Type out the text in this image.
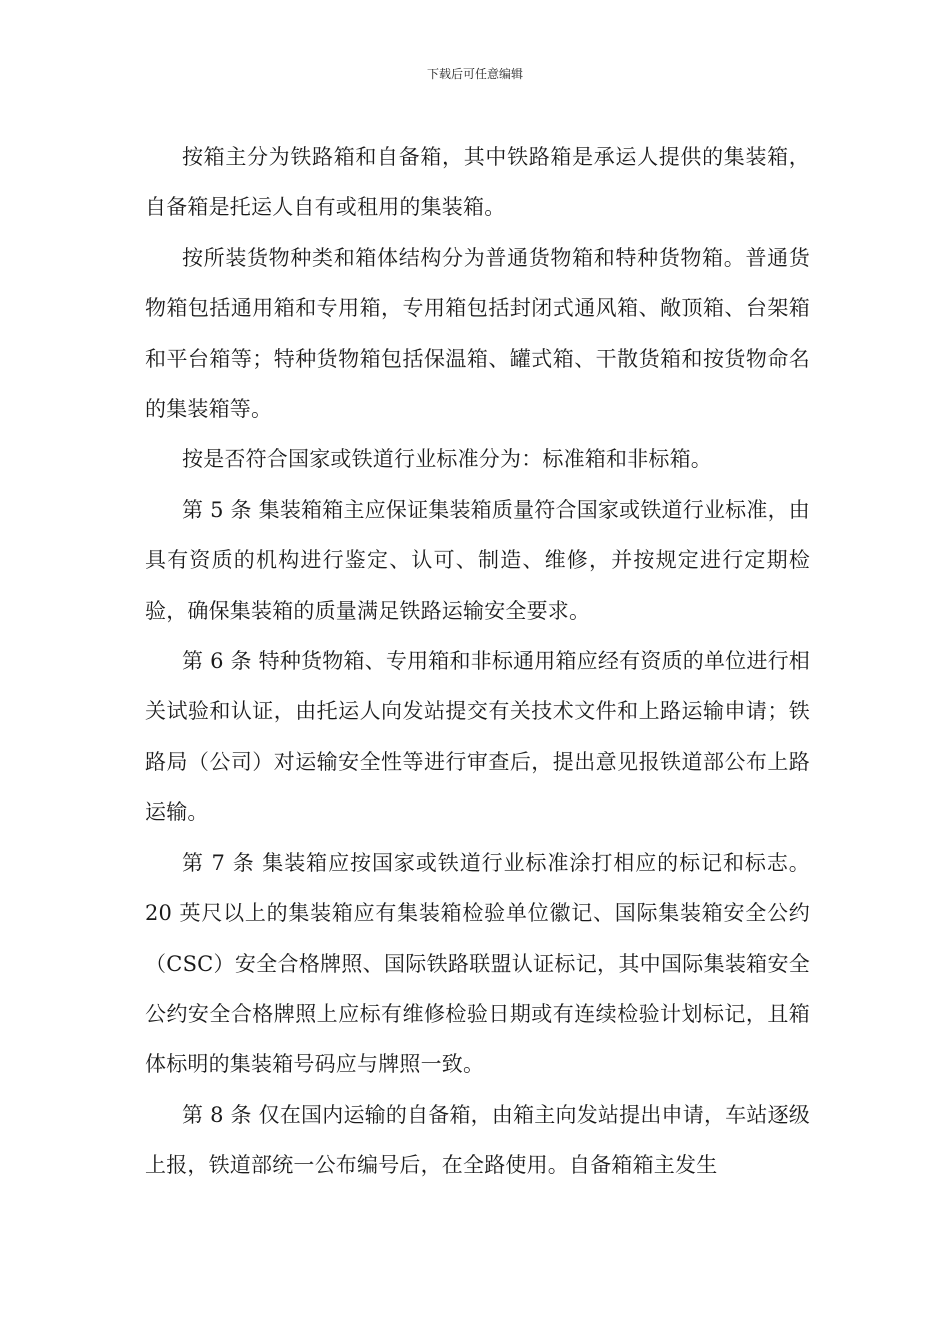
下载后可任意编辑

按箱主分为铁路箱和自备箱，其中铁路箱是承运人提供的集装箱，自备箱是托运人自有或租用的集装箱。

按所装货物种类和箱体结构分为普通货物箱和特种货物箱。普通货物箱包括通用箱和专用箱，专用箱包括封闭式通风箱、敞顶箱、台架箱和平台箱等；特种货物箱包括保温箱、罐式箱、干散货箱和按货物命名的集装箱等。

按是否符合国家或铁道行业标准分为：标准箱和非标箱。

第 5 条 集装箱箱主应保证集装箱质量符合国家或铁道行业标准，由具有资质的机构进行鉴定、认可、制造、维修，并按规定进行定期检验，确保集装箱的质量满足铁路运输安全要求。

第 6 条 特种货物箱、专用箱和非标通用箱应经有资质的单位进行相关试验和认证，由托运人向发站提交有关技术文件和上路运输申请；铁路局（公司）对运输安全性等进行审查后，提出意见报铁道部公布上路运输。

第 7 条 集装箱应按国家或铁道行业标准涂打相应的标记和标志。20 英尺以上的集装箱应有集装箱检验单位徽记、国际集装箱安全公约（CSC）安全合格牌照、国际铁路联盟认证标记，其中国际集装箱安全公约安全合格牌照上应标有维修检验日期或有连续检验计划标记，且箱体标明的集装箱号码应与牌照一致。

第 8 条 仅在国内运输的自备箱，由箱主向发站提出申请，车站逐级上报，铁道部统一公布编号后，在全路使用。自备箱箱主发生
